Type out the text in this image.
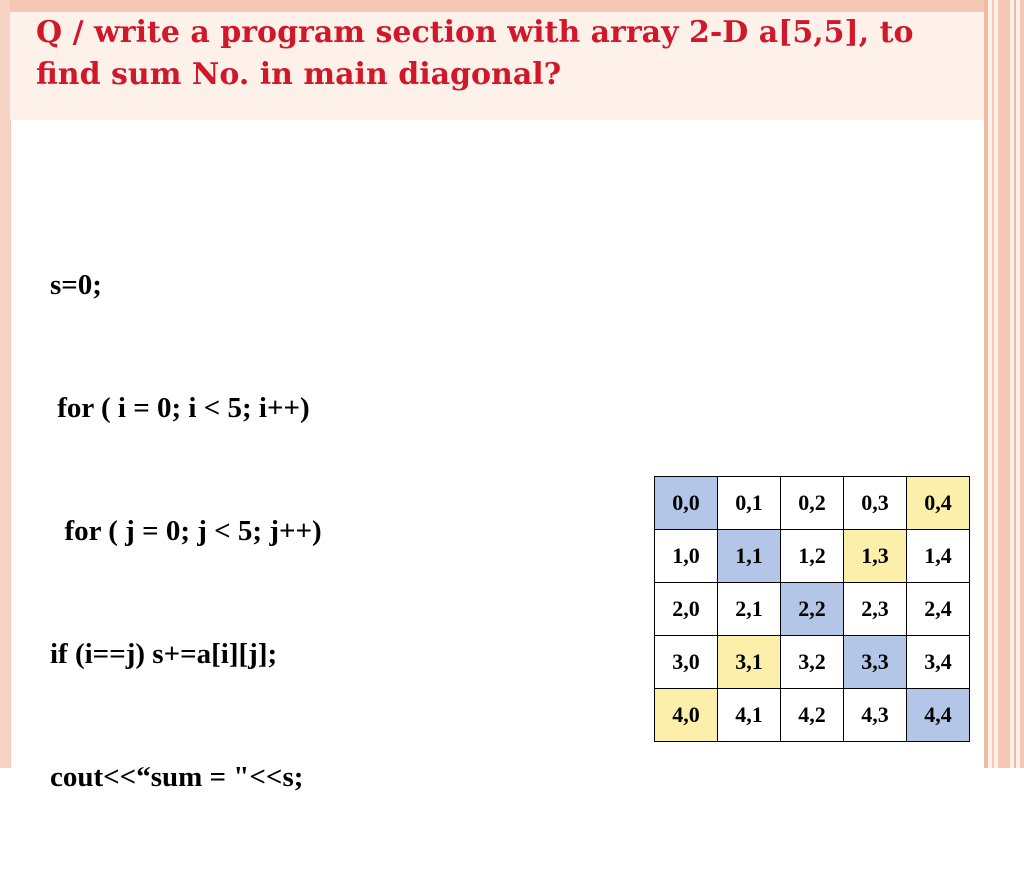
Q / write a program section with array 2-D a[5,5], to find sum No. in main diagonal?

s=0;

for ( i = 0; i < 5; i++)

for ( j = 0; j < 5; j++)

if (i==j) s+=a[i][j];

cout<<“sum = "<<s;

0,0	0,1	0,2	0,3	0,4
1,0	1,1	1,2	1,3	1,4
2,0	2,1	2,2	2,3	2,4
3,0	3,1	3,2	3,3	3,4
4,0	4,1	4,2	4,3	4,4
